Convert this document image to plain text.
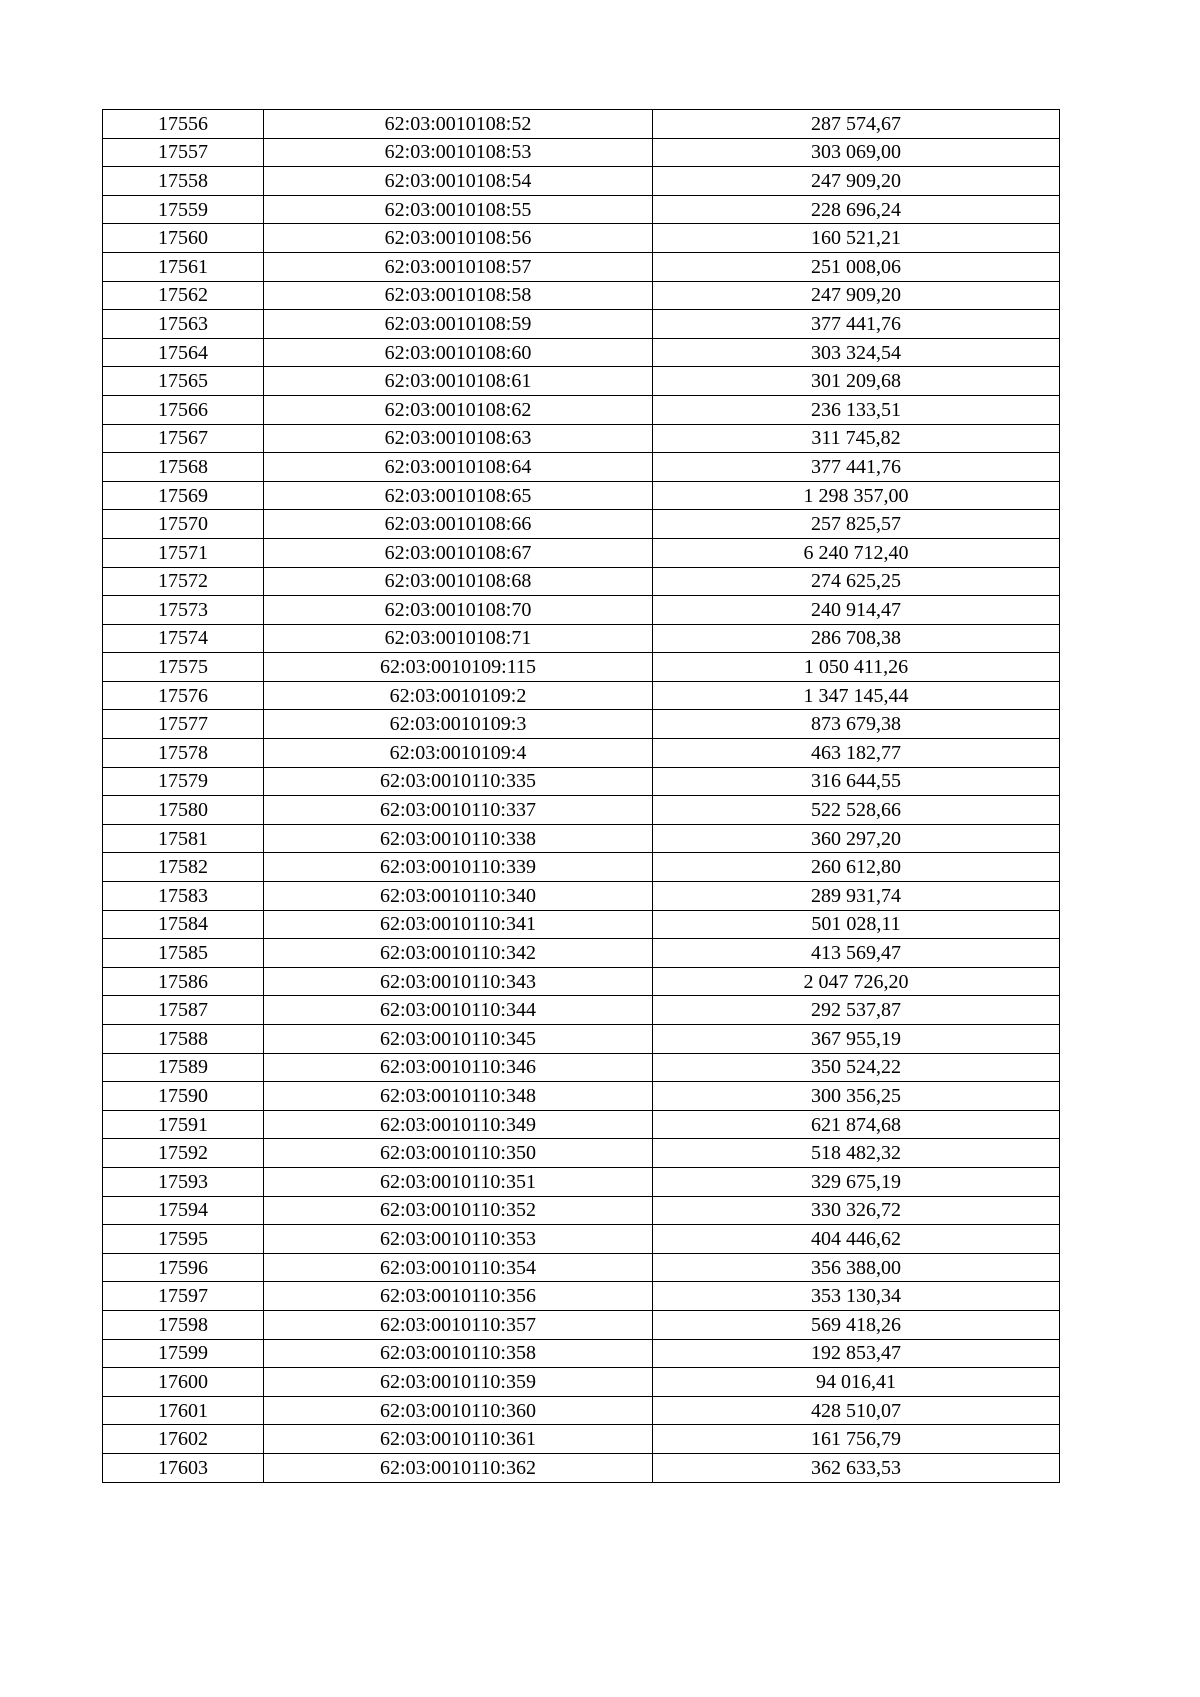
17556	62:03:0010108:52	287 574,67
17557	62:03:0010108:53	303 069,00
17558	62:03:0010108:54	247 909,20
17559	62:03:0010108:55	228 696,24
17560	62:03:0010108:56	160 521,21
17561	62:03:0010108:57	251 008,06
17562	62:03:0010108:58	247 909,20
17563	62:03:0010108:59	377 441,76
17564	62:03:0010108:60	303 324,54
17565	62:03:0010108:61	301 209,68
17566	62:03:0010108:62	236 133,51
17567	62:03:0010108:63	311 745,82
17568	62:03:0010108:64	377 441,76
17569	62:03:0010108:65	1 298 357,00
17570	62:03:0010108:66	257 825,57
17571	62:03:0010108:67	6 240 712,40
17572	62:03:0010108:68	274 625,25
17573	62:03:0010108:70	240 914,47
17574	62:03:0010108:71	286 708,38
17575	62:03:0010109:115	1 050 411,26
17576	62:03:0010109:2	1 347 145,44
17577	62:03:0010109:3	873 679,38
17578	62:03:0010109:4	463 182,77
17579	62:03:0010110:335	316 644,55
17580	62:03:0010110:337	522 528,66
17581	62:03:0010110:338	360 297,20
17582	62:03:0010110:339	260 612,80
17583	62:03:0010110:340	289 931,74
17584	62:03:0010110:341	501 028,11
17585	62:03:0010110:342	413 569,47
17586	62:03:0010110:343	2 047 726,20
17587	62:03:0010110:344	292 537,87
17588	62:03:0010110:345	367 955,19
17589	62:03:0010110:346	350 524,22
17590	62:03:0010110:348	300 356,25
17591	62:03:0010110:349	621 874,68
17592	62:03:0010110:350	518 482,32
17593	62:03:0010110:351	329 675,19
17594	62:03:0010110:352	330 326,72
17595	62:03:0010110:353	404 446,62
17596	62:03:0010110:354	356 388,00
17597	62:03:0010110:356	353 130,34
17598	62:03:0010110:357	569 418,26
17599	62:03:0010110:358	192 853,47
17600	62:03:0010110:359	94 016,41
17601	62:03:0010110:360	428 510,07
17602	62:03:0010110:361	161 756,79
17603	62:03:0010110:362	362 633,53
